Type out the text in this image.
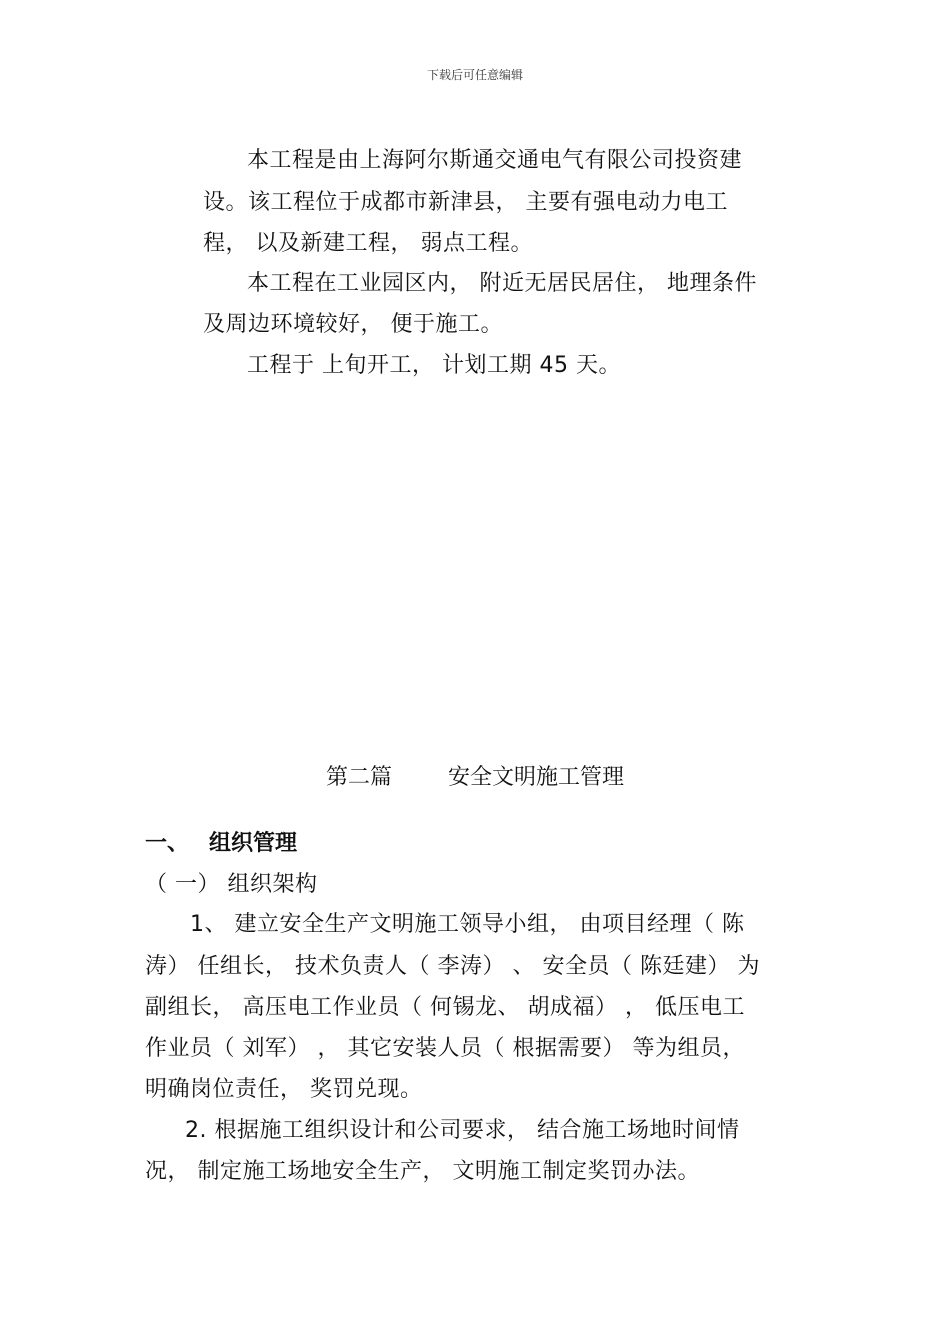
下载后可任意编辑
本工程是由上海阿尔斯通交通电气有限公司投资建
设。该工程位于成都市新津县， 主要有强电动力电工
程， 以及新建工程， 弱点工程。
本工程在工业园区内， 附近无居民居住， 地理条件
及周边环境较好， 便于施工。
工程于 上旬开工， 计划工期 45 天。
第二篇	安全文明施工管理
一、 组织管理
（ 一） 组织架构
1、 建立安全生产文明施工领导小组， 由项目经理（ 陈
涛） 任组长， 技术负责人（ 李涛） 、 安全员（ 陈廷建） 为
副组长， 高压电工作业员（ 何锡龙、 胡成福） ， 低压电工
作业员（ 刘军） ， 其它安装人员（ 根据需要） 等为组员，
明确岗位责任， 奖罚兑现。
2. 根据施工组织设计和公司要求， 结合施工场地时间情
况， 制定施工场地安全生产， 文明施工制定奖罚办法。
